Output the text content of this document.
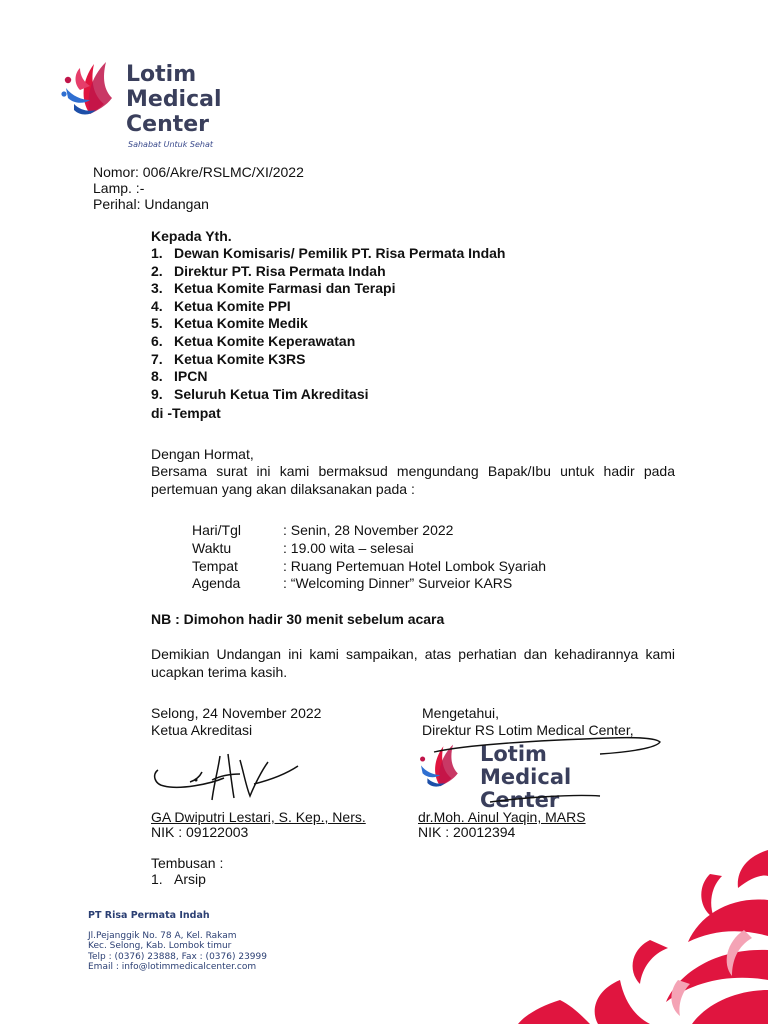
Lotim
Medical
Center
Sahabat Untuk Sehat
Nomor: 006/Akre/RSLMC/XI/2022
Lamp. :-
Perihal: Undangan
Kepada Yth.
1. Dewan Komisaris/ Pemilik PT. Risa Permata Indah
2. Direktur PT. Risa Permata Indah
3. Ketua Komite Farmasi dan Terapi
4. Ketua Komite PPI
5. Ketua Komite Medik
6. Ketua Komite Keperawatan
7. Ketua Komite K3RS
8. IPCN
9. Seluruh Ketua Tim Akreditasi
di -Tempat
Dengan Hormat,
Bersama surat ini kami bermaksud mengundang Bapak/Ibu untuk hadir pada pertemuan yang akan dilaksanakan pada :
Hari/Tgl	: Senin, 28 November 2022
Waktu	: 19.00 wita – selesai
Tempat	: Ruang Pertemuan Hotel Lombok Syariah
Agenda	: “Welcoming Dinner” Surveior KARS
NB : Dimohon hadir 30 menit sebelum acara
Demikian Undangan ini kami sampaikan, atas perhatian dan kehadirannya kami ucapkan terima kasih.
Selong, 24 November 2022
Ketua Akreditasi
GA Dwiputri Lestari, S. Kep., Ners.
NIK : 09122003
Mengetahui,
Direktur RS Lotim Medical Center,
Lotim
Medical
Center
dr.Moh. Ainul Yaqin, MARS
NIK : 20012394
Tembusan :
1. Arsip
PT Risa Permata Indah
Jl.Pejanggik No. 78 A, Kel. Rakam
Kec. Selong, Kab. Lombok timur
Telp : (0376) 23888, Fax : (0376) 23999
Email : info@lotimmedicalcenter.com
